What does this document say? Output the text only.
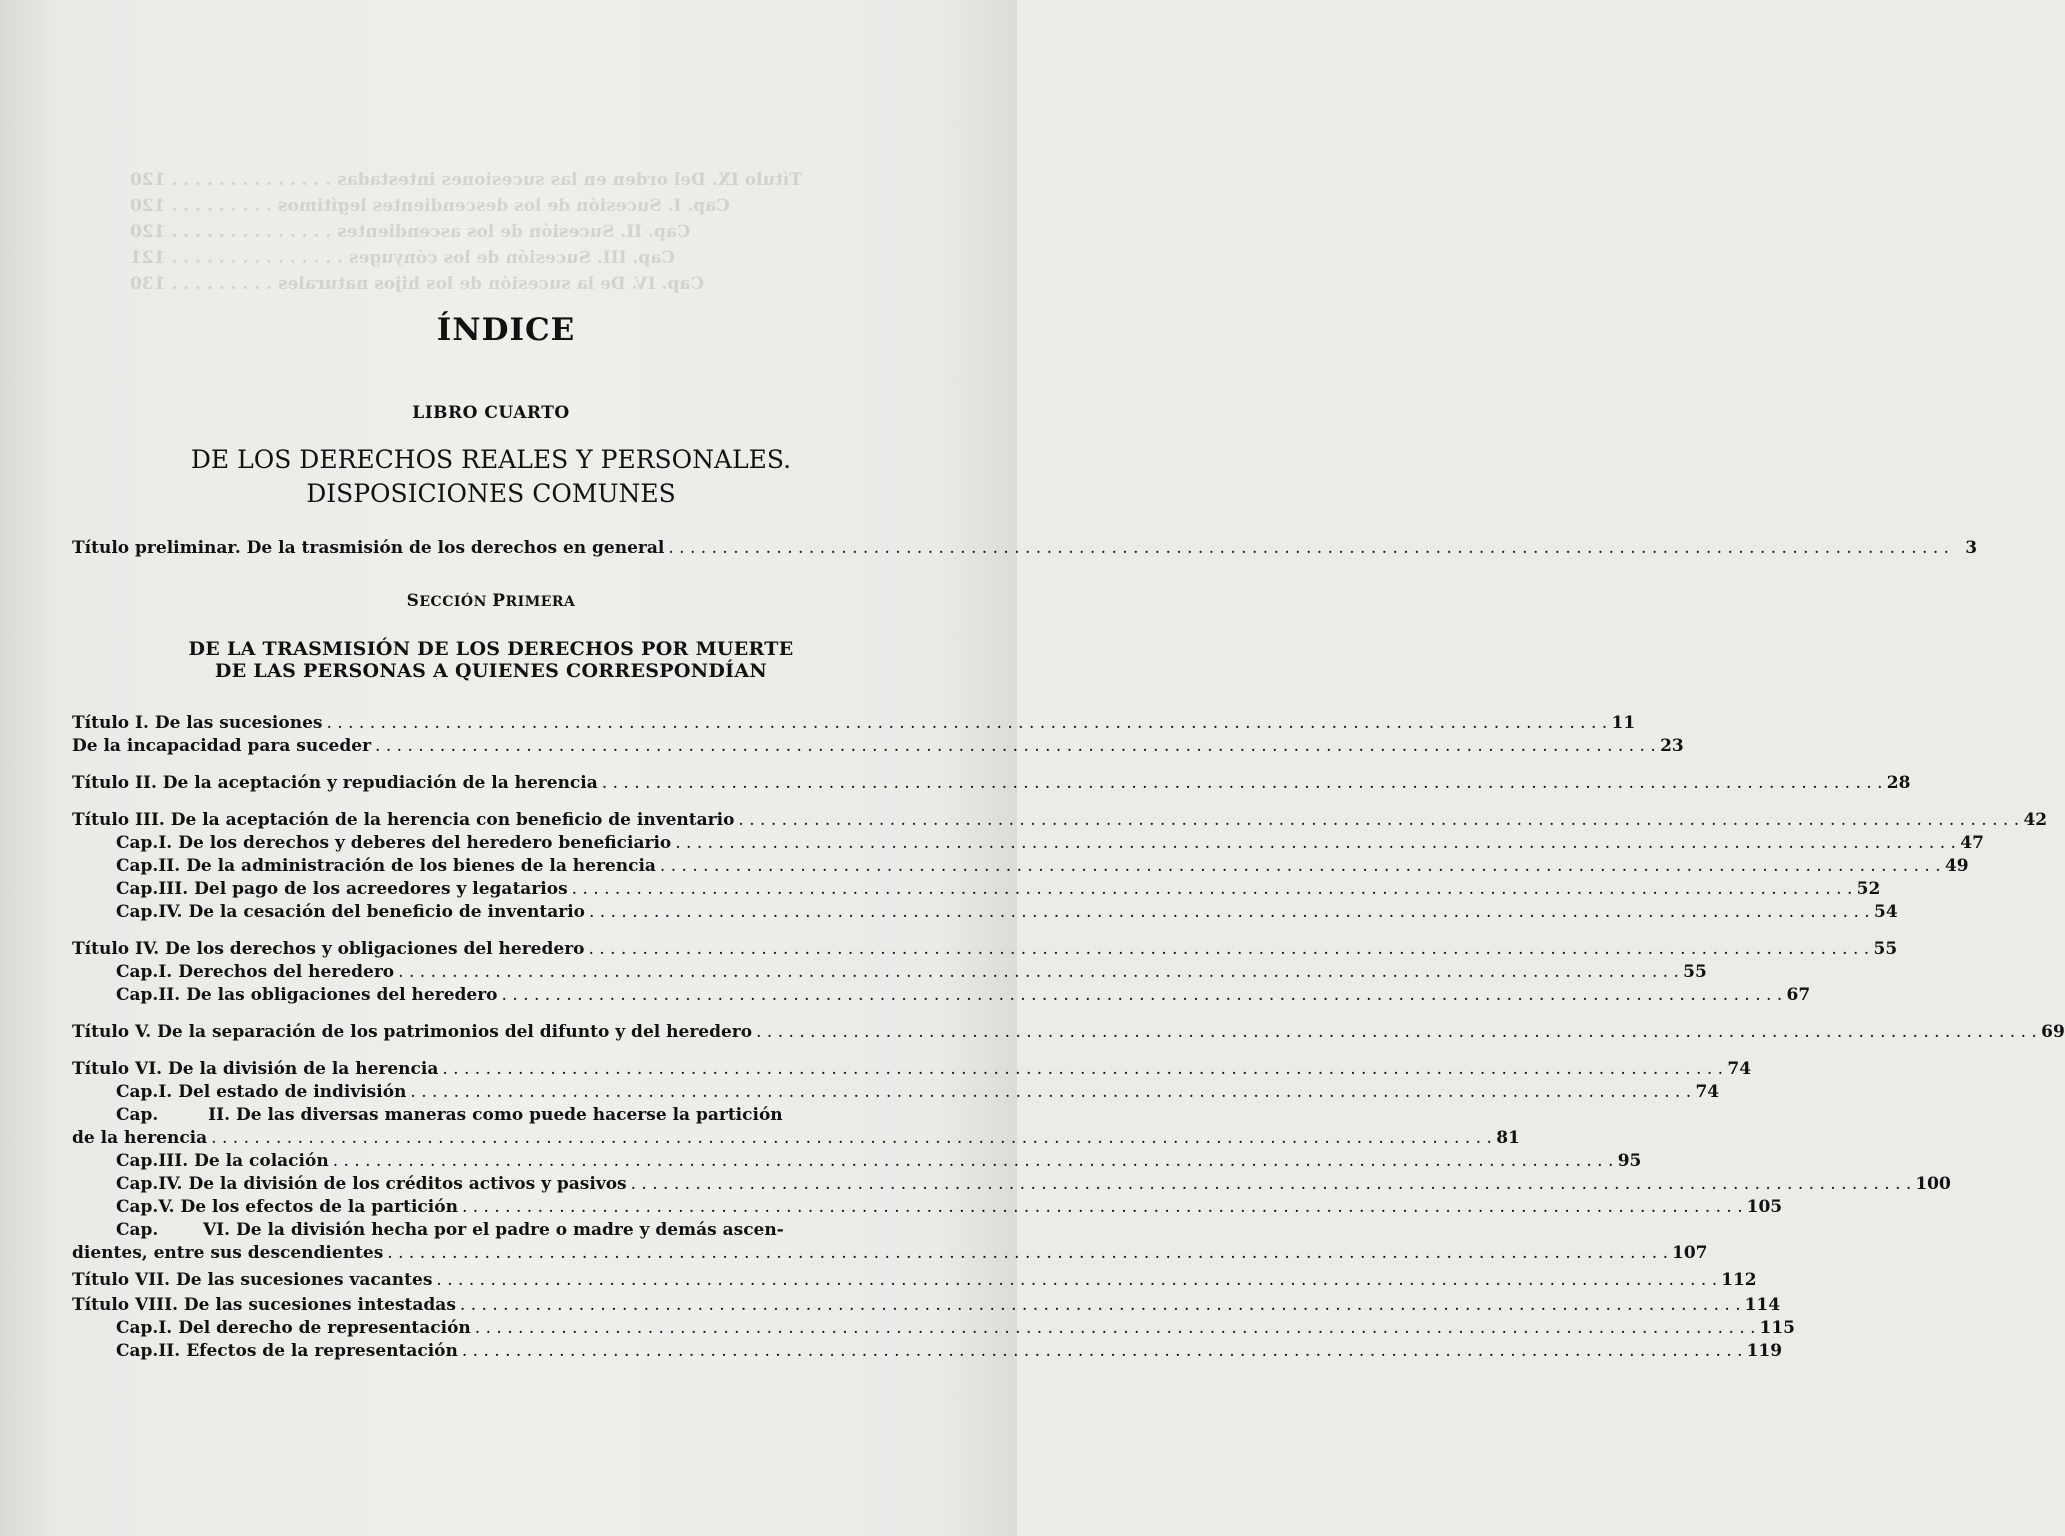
Título IX. Del orden en las sucesiones intestadas . . . . . . . . . . . . . . 120
Cap. I. Sucesión de los descendientes legítimos . . . . . . . . . 120
Cap. II. Sucesión de los ascendientes . . . . . . . . . . . . . . 120
Cap. III. Sucesión de los cónyuges . . . . . . . . . . . . . . . 121
Cap. IV. De la sucesión de los hijos naturales . . . . . . . . . 130
ÍNDICE
LIBRO CUARTO
DE LOS DERECHOS REALES Y PERSONALES.
DISPOSICIONES COMUNES
Título preliminar. De la trasmisión de los derechos en general . . .	3
SECCIÓN PRIMERA
DE LA TRASMISIÓN DE LOS DERECHOS POR MUERTE
DE LAS PERSONAS A QUIENES CORRESPONDÍAN
Título I. De las sucesiones . . .	11
De la incapacidad para suceder . . .	23
Título II. De la aceptación y repudiación de la herencia . . .	28
Título III. De la aceptación de la herencia con beneficio de inventario . . .	42
Cap. I. De los derechos y deberes del heredero beneficiario . . .	47
Cap. II. De la administración de los bienes de la herencia . . .	49
Cap. III. Del pago de los acreedores y legatarios . . .	52
Cap. IV. De la cesación del beneficio de inventario . . .	54
Título IV. De los derechos y obligaciones del heredero . . .	55
Cap. I. Derechos del heredero . . .	55
Cap. II. De las obligaciones del heredero . . .	67
Título V. De la separación de los patrimonios del difunto y del heredero . . .	69
Título VI. De la división de la herencia . . .	74
Cap. I. Del estado de indivisión . . .	74
Cap.	II. De las diversas maneras como puede hacerse la partición
de la herencia . . .	81
Cap. III. De la colación . . .	95
Cap. IV. De la división de los créditos activos y pasivos . . .	100
Cap. V. De los efectos de la partición . . .	105
Cap.	VI. De la división hecha por el padre o madre y demás ascen-
dientes, entre sus descendientes . . .	107
Título VII. De las sucesiones vacantes . . .	112
Título VIII. De las sucesiones intestadas . . .	114
Cap. I. Del derecho de representación . . .	115
Cap. II. Efectos de la representación . . .	119
